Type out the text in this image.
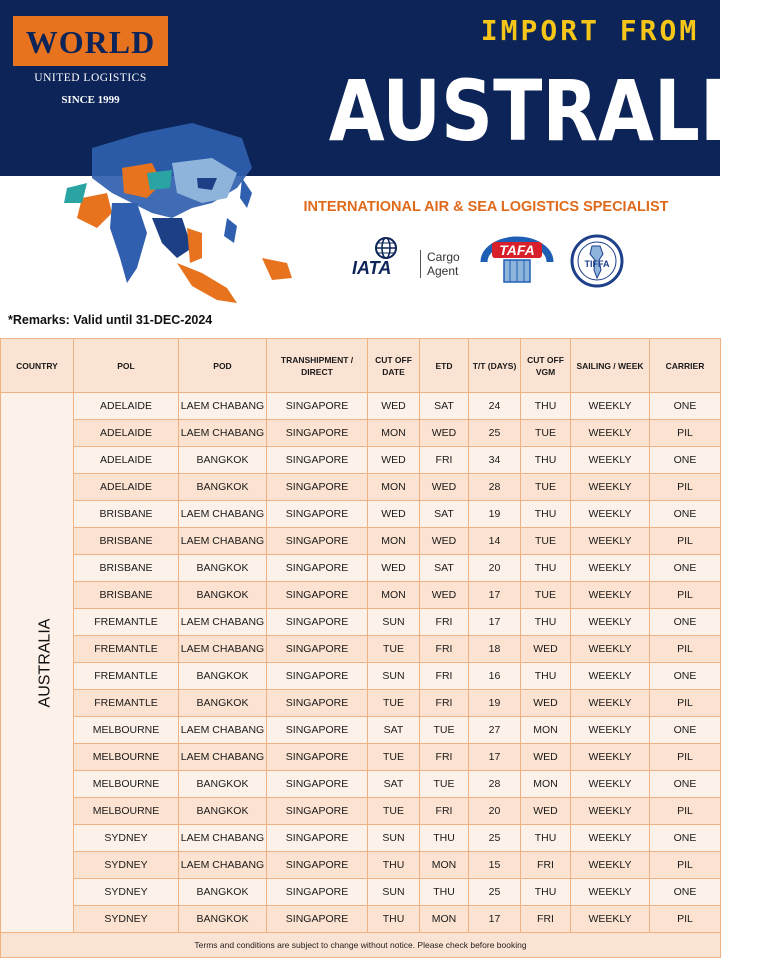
WORLD
UNITED LOGISTICS
SINCE 1999
IMPORT FROM
AUSTRALIA
INTERNATIONAL AIR & SEA LOGISTICS SPECIALIST
IATA
Cargo
Agent
TAFA
TIFFA
*Remarks: Valid until 31-DEC-2024
COUNTRY	POL	POD	TRANSHIPMENT / DIRECT	CUT OFF DATE	ETD	T/T (DAYS)	CUT OFF VGM	SAILING / WEEK	CARRIER
AUSTRALIA	ADELAIDE	LAEM CHABANG	SINGAPORE	WED	SAT	24	THU	WEEKLY	ONE
	ADELAIDE	LAEM CHABANG	SINGAPORE	MON	WED	25	TUE	WEEKLY	PIL
	ADELAIDE	BANGKOK	SINGAPORE	WED	FRI	34	THU	WEEKLY	ONE
	ADELAIDE	BANGKOK	SINGAPORE	MON	WED	28	TUE	WEEKLY	PIL
	BRISBANE	LAEM CHABANG	SINGAPORE	WED	SAT	19	THU	WEEKLY	ONE
	BRISBANE	LAEM CHABANG	SINGAPORE	MON	WED	14	TUE	WEEKLY	PIL
	BRISBANE	BANGKOK	SINGAPORE	WED	SAT	20	THU	WEEKLY	ONE
	BRISBANE	BANGKOK	SINGAPORE	MON	WED	17	TUE	WEEKLY	PIL
	FREMANTLE	LAEM CHABANG	SINGAPORE	SUN	FRI	17	THU	WEEKLY	ONE
	FREMANTLE	LAEM CHABANG	SINGAPORE	TUE	FRI	18	WED	WEEKLY	PIL
	FREMANTLE	BANGKOK	SINGAPORE	SUN	FRI	16	THU	WEEKLY	ONE
	FREMANTLE	BANGKOK	SINGAPORE	TUE	FRI	19	WED	WEEKLY	PIL
	MELBOURNE	LAEM CHABANG	SINGAPORE	SAT	TUE	27	MON	WEEKLY	ONE
	MELBOURNE	LAEM CHABANG	SINGAPORE	TUE	FRI	17	WED	WEEKLY	PIL
	MELBOURNE	BANGKOK	SINGAPORE	SAT	TUE	28	MON	WEEKLY	ONE
	MELBOURNE	BANGKOK	SINGAPORE	TUE	FRI	20	WED	WEEKLY	PIL
	SYDNEY	LAEM CHABANG	SINGAPORE	SUN	THU	25	THU	WEEKLY	ONE
	SYDNEY	LAEM CHABANG	SINGAPORE	THU	MON	15	FRI	WEEKLY	PIL
	SYDNEY	BANGKOK	SINGAPORE	SUN	THU	25	THU	WEEKLY	ONE
	SYDNEY	BANGKOK	SINGAPORE	THU	MON	17	FRI	WEEKLY	PIL
Terms and conditions are subject to change without notice. Please check before booking									
